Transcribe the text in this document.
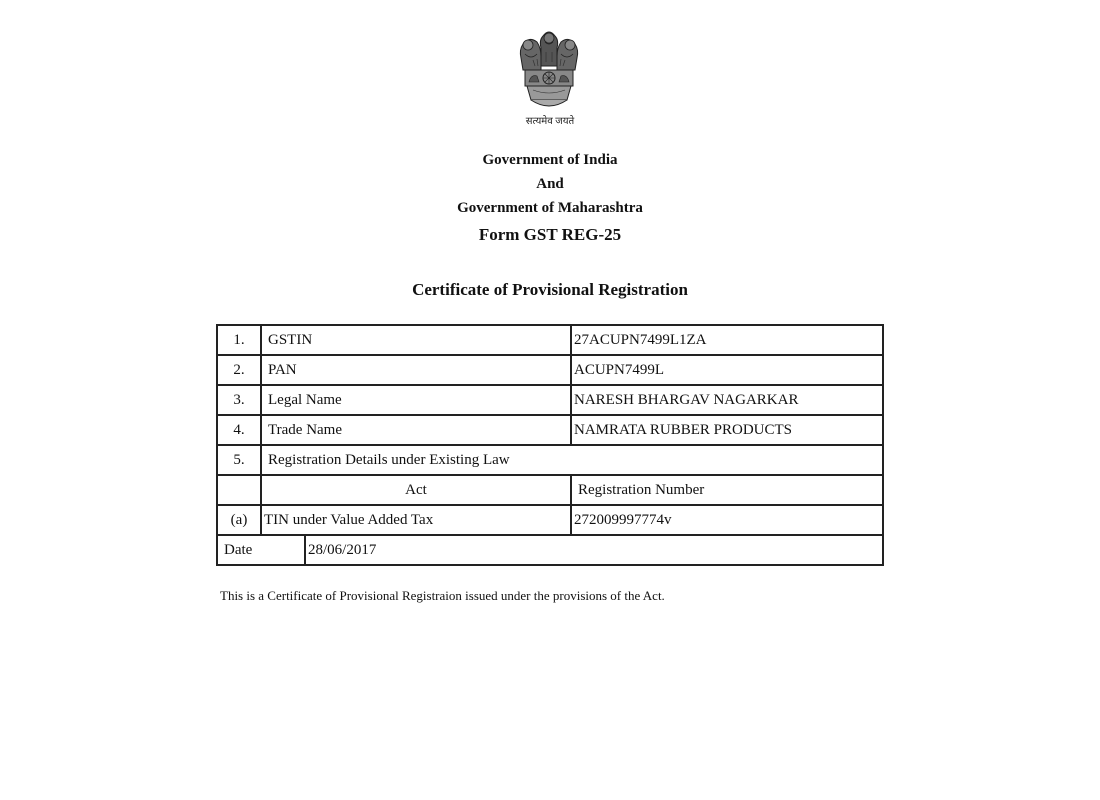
सत्यमेव जयते
Government of India
And
Government of Maharashtra
Form GST REG-25
Certificate of Provisional Registration
1.	GSTIN		27ACUPN7499L1ZA
2.	PAN		ACUPN7499L
3.	Legal Name		NARESH BHARGAV NAGARKAR
4.	Trade Name		NAMRATA RUBBER PRODUCTS
5.	Registration Details under Existing Law		
	Act		Registration Number
(a)	TIN under Value Added Tax		272009997774v
Date		28/06/2017	
This is a Certificate of Provisional Registraion issued under the provisions of the Act.
